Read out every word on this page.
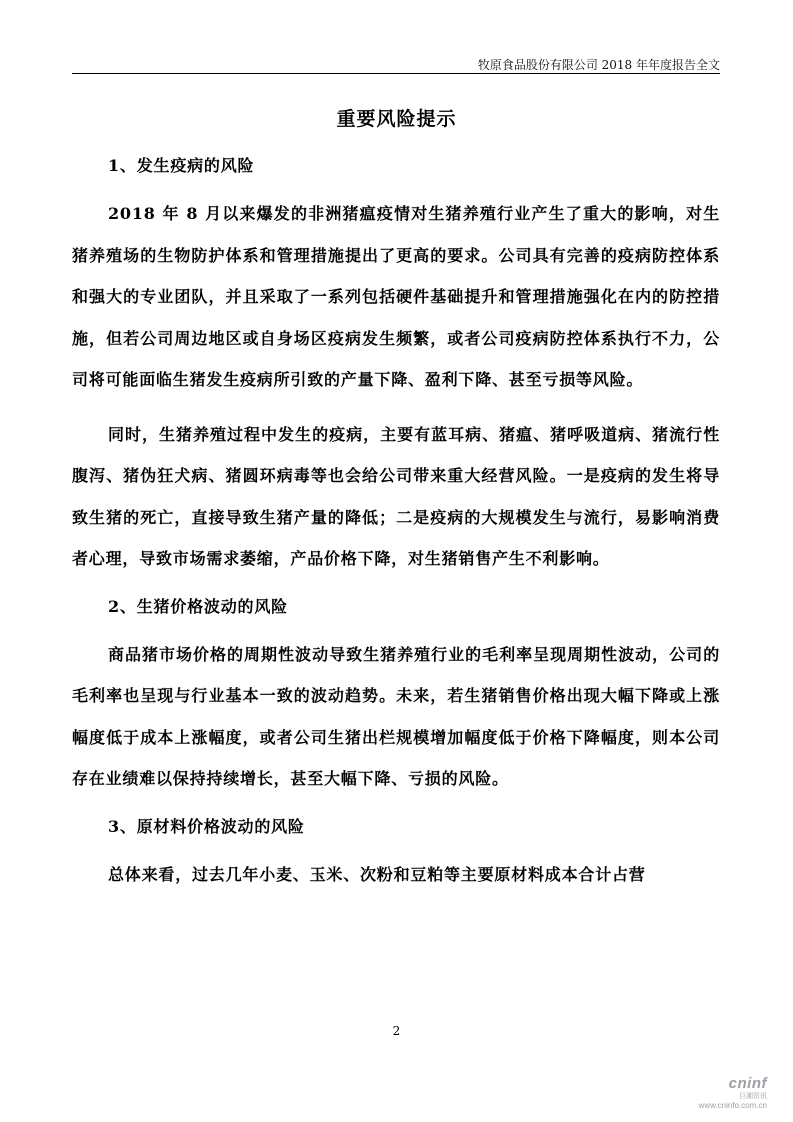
牧原食品股份有限公司 2018 年年度报告全文
重要风险提示
1、发生疫病的风险

2018 年 8 月以来爆发的非洲猪瘟疫情对生猪养殖行业产生了重大的影响，对生猪养殖场的生物防护体系和管理措施提出了更高的要求。公司具有完善的疫病防控体系和强大的专业团队，并且采取了一系列包括硬件基础提升和管理措施强化在内的防控措施，但若公司周边地区或自身场区疫病发生频繁，或者公司疫病防控体系执行不力，公司将可能面临生猪发生疫病所引致的产量下降、盈利下降、甚至亏损等风险。

同时，生猪养殖过程中发生的疫病，主要有蓝耳病、猪瘟、猪呼吸道病、猪流行性腹泻、猪伪狂犬病、猪圆环病毒等也会给公司带来重大经营风险。一是疫病的发生将导致生猪的死亡，直接导致生猪产量的降低；二是疫病的大规模发生与流行，易影响消费者心理，导致市场需求萎缩，产品价格下降，对生猪销售产生不利影响。

2、生猪价格波动的风险

商品猪市场价格的周期性波动导致生猪养殖行业的毛利率呈现周期性波动，公司的毛利率也呈现与行业基本一致的波动趋势。未来，若生猪销售价格出现大幅下降或上涨幅度低于成本上涨幅度，或者公司生猪出栏规模增加幅度低于价格下降幅度，则本公司存在业绩难以保持持续增长，甚至大幅下降、亏损的风险。

3、原材料价格波动的风险

总体来看，过去几年小麦、玉米、次粉和豆粕等主要原材料成本合计占营

2
cninf
巨潮资讯
www.cninfo.com.cn
